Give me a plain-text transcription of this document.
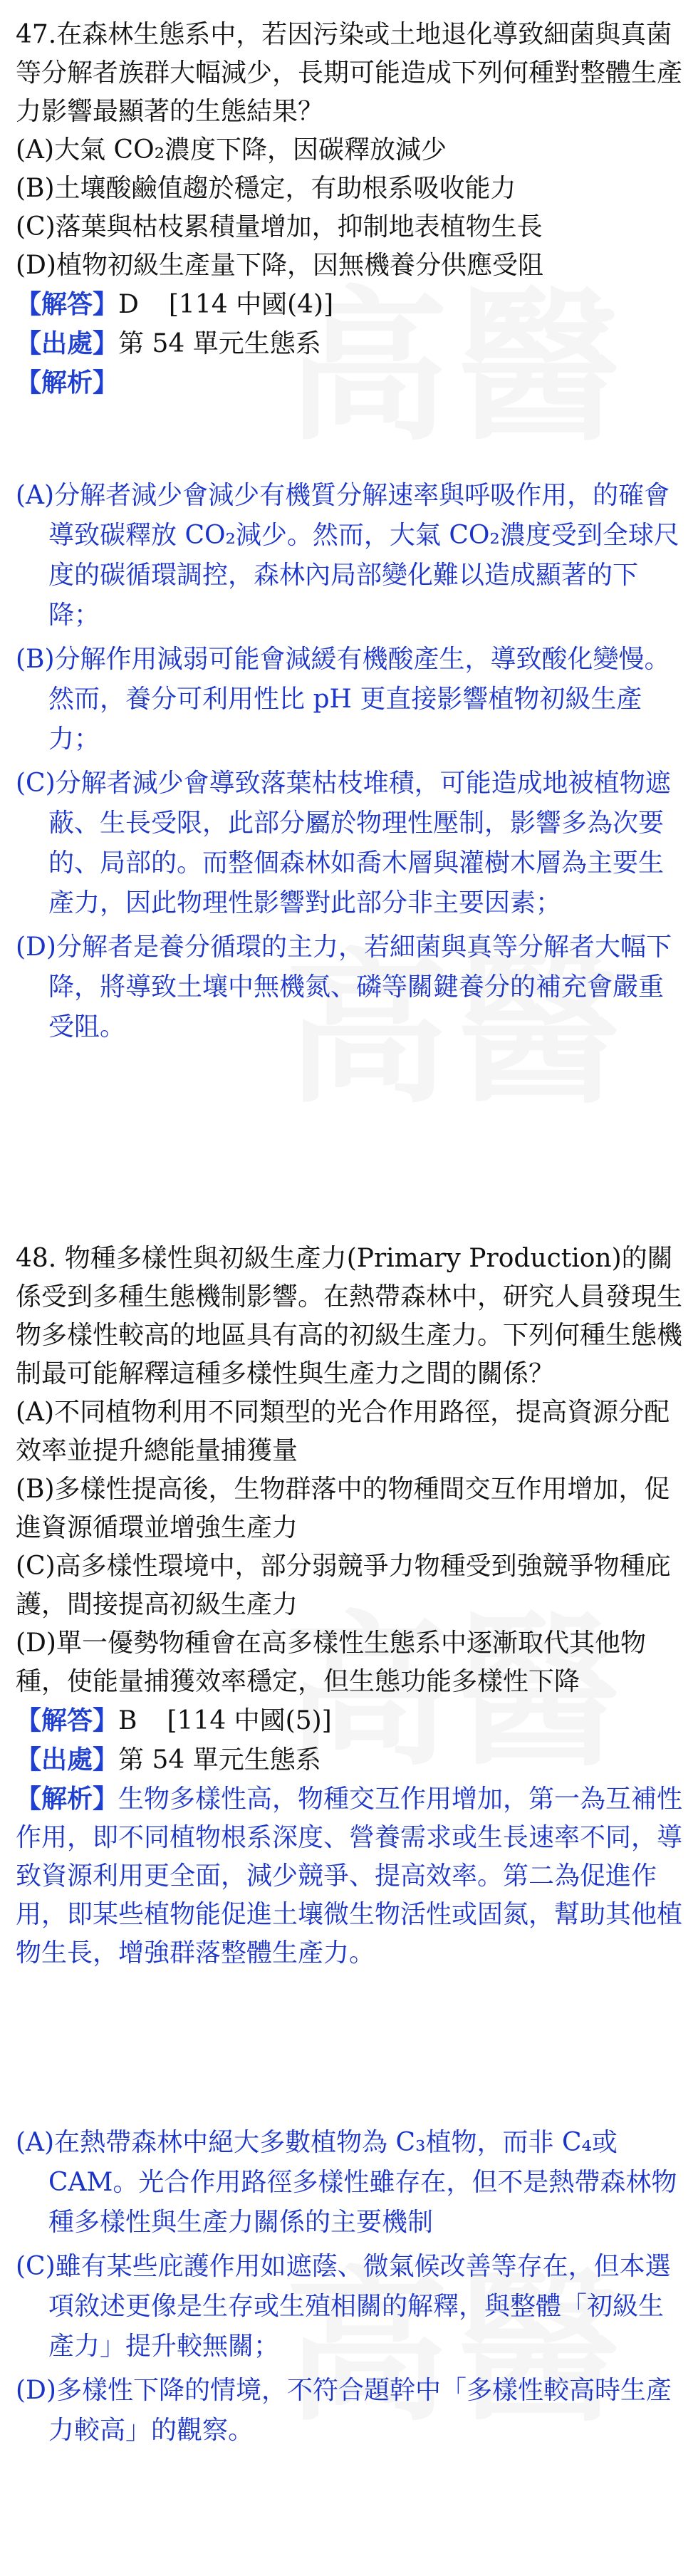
47.在森林生態系中，若因污染或土地退化導致細菌與真菌等分解者族群大幅減少，長期可能造成下列何種對整體生產力影響最顯著的生態結果？

(A)大氣 CO₂濃度下降，因碳釋放減少

(B)土壤酸鹼值趨於穩定，有助根系吸收能力

(C)落葉與枯枝累積量增加，抑制地表植物生長

(D)植物初級生產量下降，因無機養分供應受阻

【解答】D [114 中國(4)]

【出處】第 54 單元生態系

【解析】

(A)分解者減少會減少有機質分解速率與呼吸作用，的確會導致碳釋放 CO₂減少。然而，大氣 CO₂濃度受到全球尺度的碳循環調控，森林內局部變化難以造成顯著的下降；

(B)分解作用減弱可能會減緩有機酸產生，導致酸化變慢。然而，養分可利用性比 pH 更直接影響植物初級生產力；

(C)分解者減少會導致落葉枯枝堆積，可能造成地被植物遮蔽、生長受限，此部分屬於物理性壓制，影響多為次要的、局部的。而整個森林如喬木層與灌樹木層為主要生產力，因此物理性影響對此部分非主要因素；

(D)分解者是養分循環的主力，若細菌與真等分解者大幅下降，將導致土壤中無機氮、磷等關鍵養分的補充會嚴重受阻。

48. 物種多樣性與初級生產力(Primary Production)的關係受到多種生態機制影響。在熱帶森林中，研究人員發現生物多樣性較高的地區具有高的初級生產力。下列何種生態機制最可能解釋這種多樣性與生產力之間的關係？

(A)不同植物利用不同類型的光合作用路徑，提高資源分配效率並提升總能量捕獲量

(B)多樣性提高後，生物群落中的物種間交互作用增加，促進資源循環並增強生產力

(C)高多樣性環境中，部分弱競爭力物種受到強競爭物種庇護，間接提高初級生產力

(D)單一優勢物種會在高多樣性生態系中逐漸取代其他物種，使能量捕獲效率穩定，但生態功能多樣性下降

【解答】B [114 中國(5)]

【出處】第 54 單元生態系

【解析】生物多樣性高，物種交互作用增加，第一為互補性作用，即不同植物根系深度、營養需求或生長速率不同，導致資源利用更全面，減少競爭、提高效率。第二為促進作用，即某些植物能促進土壤微生物活性或固氮，幫助其他植物生長，增強群落整體生產力。

(A)在熱帶森林中絕大多數植物為 C₃植物，而非 C₄或 CAM。光合作用路徑多樣性雖存在，但不是熱帶森林物種多樣性與生產力關係的主要機制

(C)雖有某些庇護作用如遮蔭、微氣候改善等存在，但本選項敘述更像是生存或生殖相關的解釋，與整體「初級生產力」提升較無關；

(D)多樣性下降的情境，不符合題幹中「多樣性較高時生產力較高」的觀察。
